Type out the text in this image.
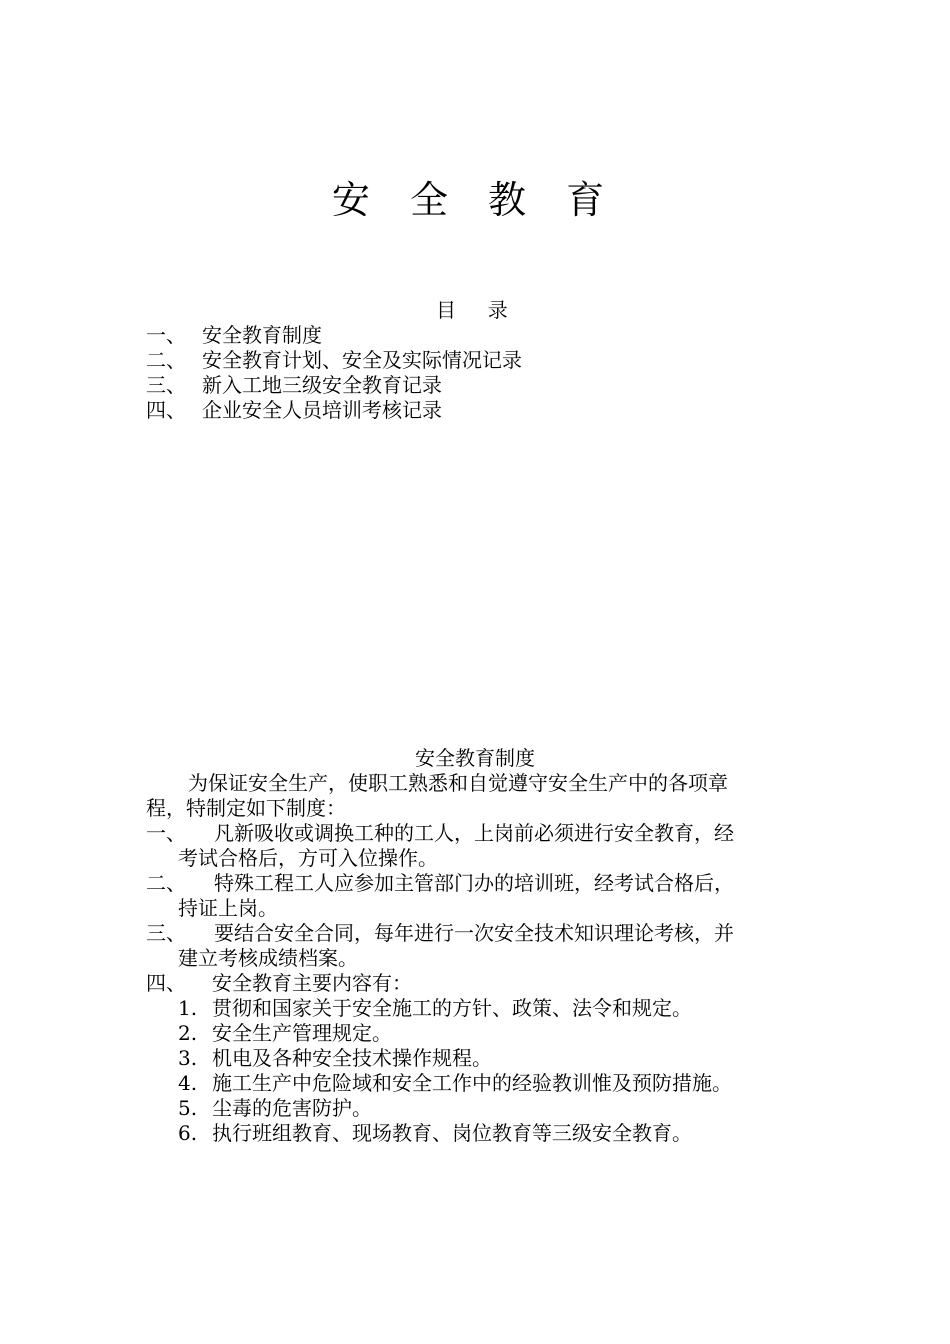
安 全 教 育
目     录
一、 安全教育制度
二、 安全教育计划、安全及实际情况记录
三、 新入工地三级安全教育记录
四、 企业安全人员培训考核记录
安全教育制度
为保证安全生产，使职工熟悉和自觉遵守安全生产中的各项章
程，特制定如下制度：
一、 凡新吸收或调换工种的工人，上岗前必须进行安全教育，经
考试合格后，方可入位操作。
二、 特殊工程工人应参加主管部门办的培训班，经考试合格后，
持证上岗。
三、 要结合安全合同，每年进行一次安全技术知识理论考核，并
建立考核成绩档案。
四、 安全教育主要内容有：
1. 贯彻和国家关于安全施工的方针、政策、法令和规定。
2. 安全生产管理规定。
3. 机电及各种安全技术操作规程。
4. 施工生产中危险域和安全工作中的经验教训惟及预防措施。
5. 尘毒的危害防护。
6. 执行班组教育、现场教育、岗位教育等三级安全教育。
